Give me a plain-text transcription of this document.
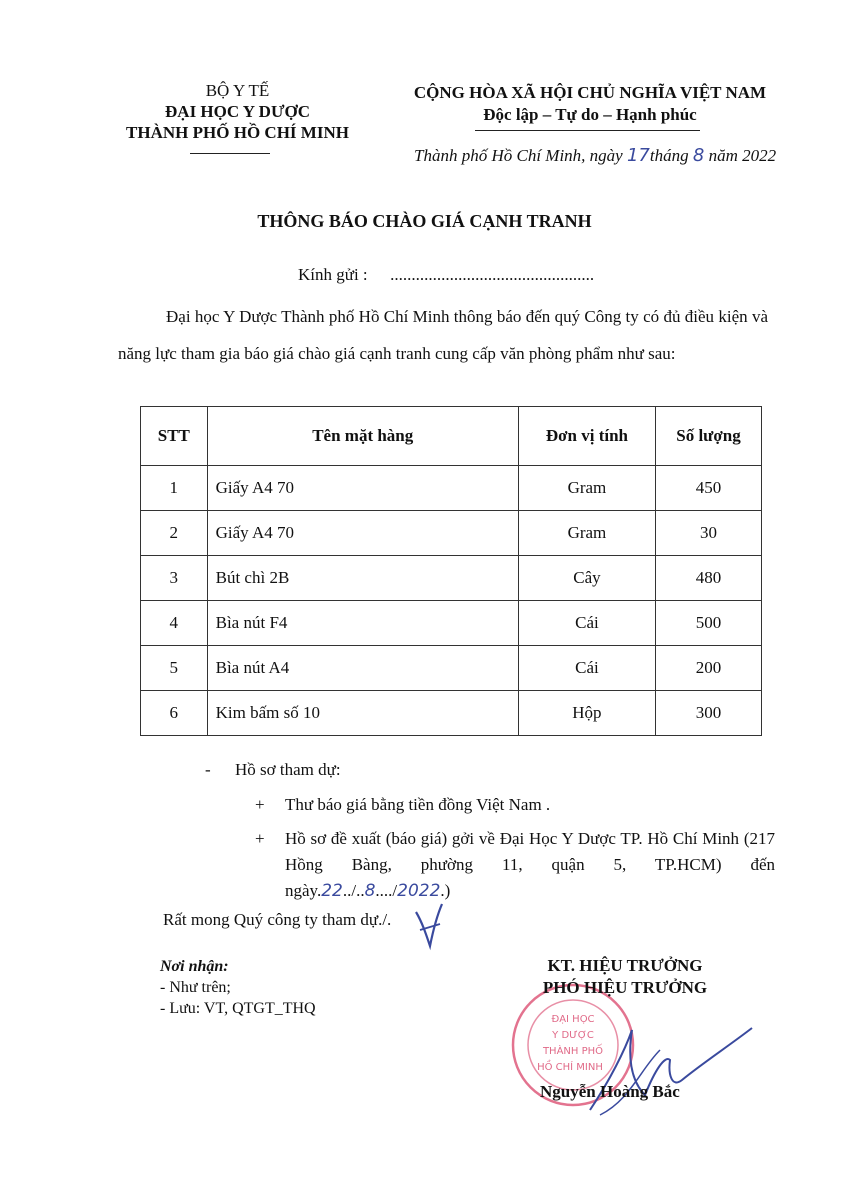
BỘ Y TẾ
ĐẠI HỌC Y DƯỢC
THÀNH PHỐ HỒ CHÍ MINH
CỘNG HÒA XÃ HỘI CHỦ NGHĨA VIỆT NAM
Độc lập – Tự do – Hạnh phúc
Thành phố Hồ Chí Minh, ngày 17tháng 8 năm 2022
THÔNG BÁO CHÀO GIÁ CẠNH TRANH
Kính gửi : ................................................
Đại học Y Dược Thành phố Hồ Chí Minh thông báo đến quý Công ty có đủ điều kiện và năng lực tham gia báo giá chào giá cạnh tranh cung cấp văn phòng phẩm như sau:
STT	Tên mặt hàng	Đơn vị tính	Số lượng
1	Giấy A4 70	Gram	450
2	Giấy A4 70	Gram	30
3	Bút chì 2B	Cây	480
4	Bìa nút F4	Cái	500
5	Bìa nút A4	Cái	200
6	Kim bấm số 10	Hộp	300
- Hồ sơ tham dự:
+ Thư báo giá bằng tiền đồng Việt Nam .
+ Hồ sơ đề xuất (báo giá) gởi về Đại Học Y Dược TP. Hồ Chí Minh (217 Hồng Bàng, phường 11, quận 5, TP.HCM) đến
ngày.22../..8..../2022.)
Rất mong Quý công ty tham dự./.
Nơi nhận:
- Như trên;
- Lưu: VT, QTGT_THQ
ĐẠI HỌC
Y DƯỢC
THÀNH PHỐ
HỒ CHÍ MINH
KT. HIỆU TRƯỞNG
PHÓ HIỆU TRƯỞNG
Nguyễn Hoàng Bắc
